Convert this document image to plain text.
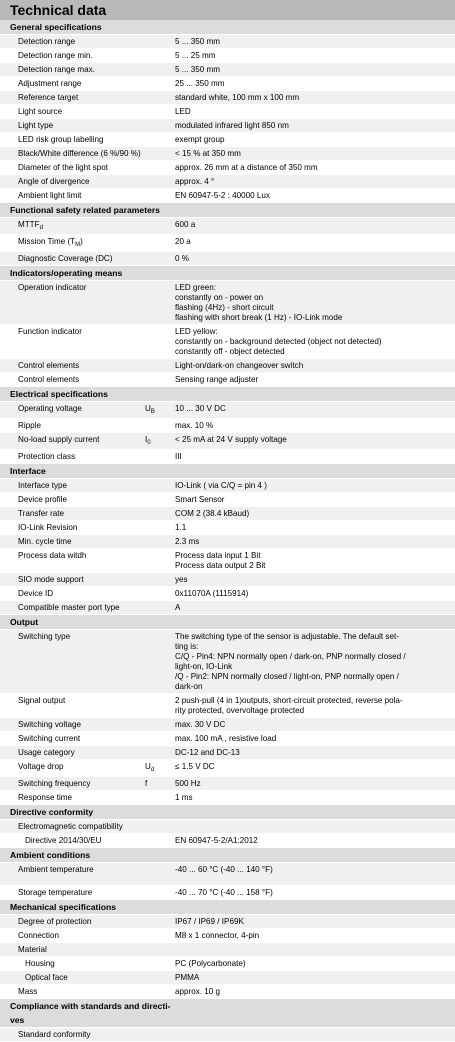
Technical data
General specifications
Detection range	5 ... 350 mm
Detection range min.	5 ... 25 mm
Detection range max.	5 ... 350 mm
Adjustment range	25 ... 350 mm
Reference target	standard white, 100 mm x 100 mm
Light source	LED
Light type	modulated infrared light 850 nm
LED risk group labelling	exempt group
Black/White difference (6 %/90 %)	< 15 % at 350 mm
Diameter of the light spot	approx. 26 mm at a distance of 350 mm
Angle of divergence	approx. 4 °
Ambient light limit	EN 60947-5-2 : 40000 Lux
Functional safety related parameters
$MTTF_d$	600 a
Mission Time $(T_M)$	20 a
Diagnostic Coverage (DC)	0 %
Indicators/operating means
Operation indicator	LED green:
constantly on - power on
flashing (4Hz) - short circuit
flashing with short break (1 Hz) - IO-Link mode
Function indicator	LED yellow:
constantly on - background detected (object not detected)
constantly off - object detected
Control elements	Light-on/dark-on changeover switch
Control elements	Sensing range adjuster
Electrical specifications
Operating voltage	$U_B$	10 ... 30 V DC
Ripple	max. 10 %
No-load supply current	$I_0$	< 25 mA at 24 V supply voltage
Protection class	III
Interface
Interface type	IO-Link ( via C/Q = pin 4 )
Device profile	Smart Sensor
Transfer rate	COM 2 (38.4 kBaud)
IO-Link Revision	1.1
Min. cycle time	2.3 ms
Process data witdh	Process data input 1 Bit
Process data output 2 Bit
SIO mode support	yes
Device ID	0x11070A (1115914)
Compatible master port type	A
Output
Switching type	The switching type of the sensor is adjustable. The default set-
ting is:
C/Q - Pin4: NPN normally open / dark-on, PNP normally closed /
light-on, IO-Link
/Q - Pin2: NPN normally closed / light-on, PNP normally open /
dark-on
Signal output	2 push-pull (4 in 1)outputs, short-circuit protected, reverse pola-
rity protected, overvoltage protected
Switching voltage	max. 30 V DC
Switching current	max. 100 mA , resistive load
Usage category	DC-12 and DC-13
Voltage drop	$U_d$	≤ 1.5 V DC
Switching frequency	f	500 Hz
Response time	1 ms
Directive conformity
Electromagnetic compatibility
Directive 2014/30/EU	EN 60947-5-2/A1:2012
Ambient conditions
Ambient temperature	-40 ... 60 °C (-40 ... 140 °F)
Storage temperature	-40 ... 70 °C (-40 ... 158 °F)
Mechanical specifications
Degree of protection	IP67 / IP69 / IP69K
Connection	M8 x 1 connector, 4-pin
Material
Housing	PC (Polycarbonate)
Optical face	PMMA
Mass	approx. 10 g
Compliance with standards and directi-
ves
Standard conformity
